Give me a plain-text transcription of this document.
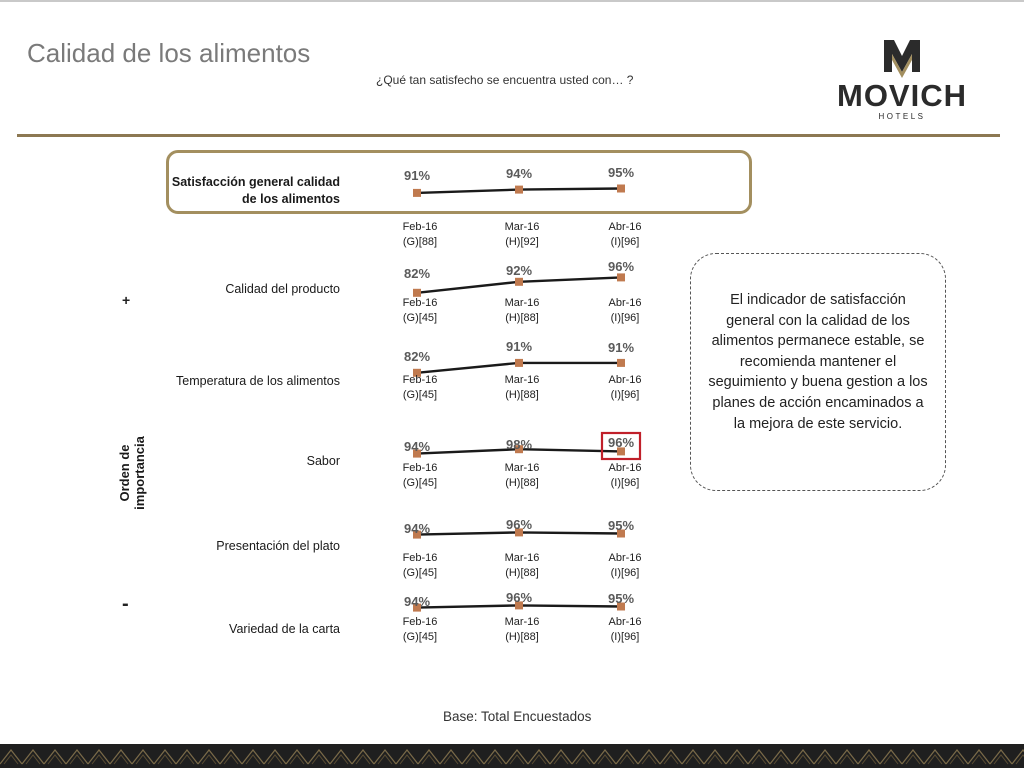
Calidad de los alimentos
¿Qué tan satisfecho se encuentra usted con… ?	MOVICH
HOTELS
+
-
Orden de importancia
Satisfacción general calidad de los alimentos
Calidad del producto
Temperatura de los alimentos
Sabor
Presentación del plato
Variedad de la carta
91%
Feb-16
(G)[88]
94%
Mar-16
(H)[92]
95%
Abr-16
(I)[96]
82%
Feb-16
(G)[45]
92%
Mar-16
(H)[88]
96%
Abr-16
(I)[96]
82%
Feb-16
(G)[45]
91%
Mar-16
(H)[88]
91%
Abr-16
(I)[96]
94%
Feb-16
(G)[45]
98%
Mar-16
(H)[88]
96%
Abr-16
(I)[96]
94%
Feb-16
(G)[45]
96%
Mar-16
(H)[88]
95%
Abr-16
(I)[96]
94%
Feb-16
(G)[45]
96%
Mar-16
(H)[88]
95%
Abr-16
(I)[96]
El indicador de satisfacción general con la calidad de los alimentos permanece estable, se recomienda mantener el seguimiento y buena gestion a los planes de acción encaminados a la mejora de este servicio.
Base: Total Encuestados
